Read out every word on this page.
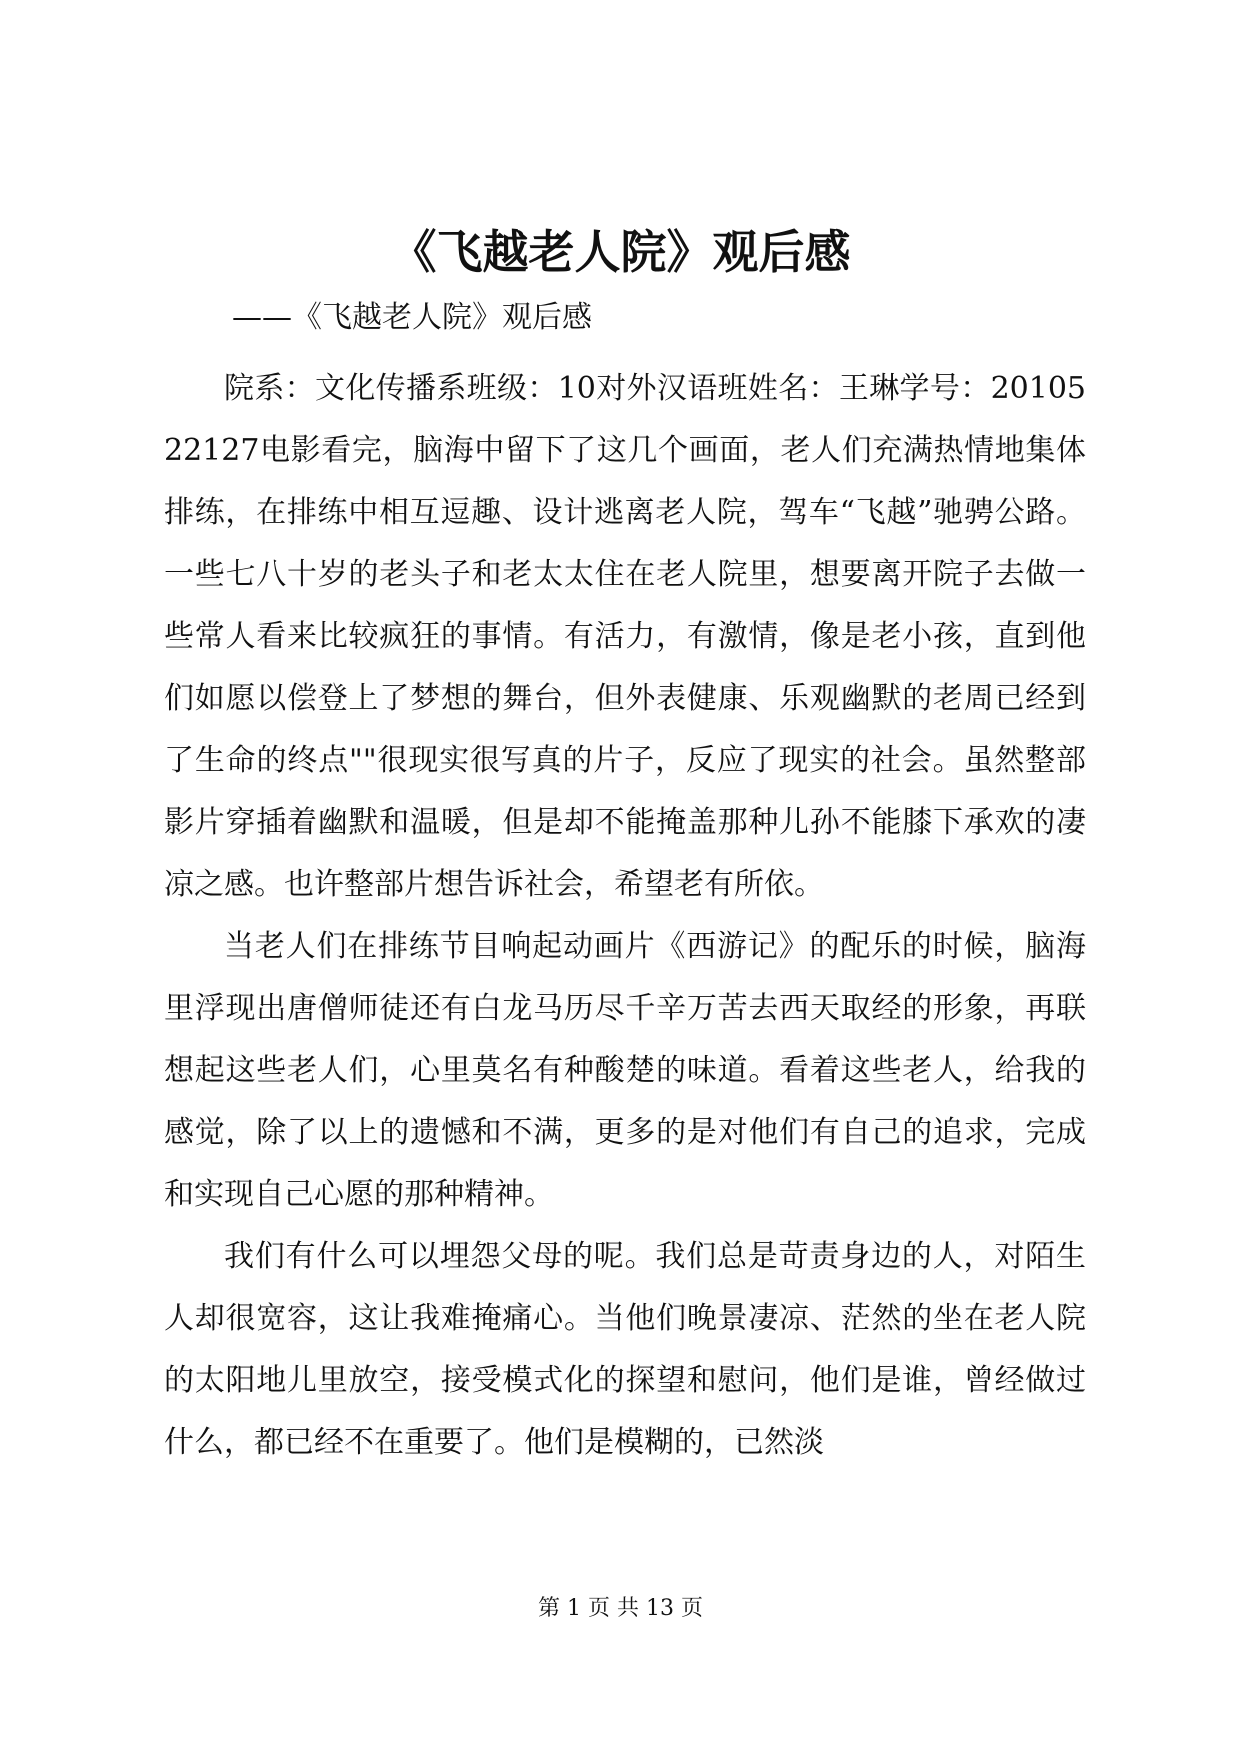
《飞越老人院》观后感

——《飞越老人院》观后感

院系：文化传播系班级：10对外汉语班姓名：王琳学号：2010522127电影看完，脑海中留下了这几个画面，老人们充满热情地集体排练，在排练中相互逗趣、设计逃离老人院，驾车“飞越”驰骋公路。一些七八十岁的老头子和老太太住在老人院里，想要离开院子去做一些常人看来比较疯狂的事情。有活力，有激情，像是老小孩，直到他们如愿以偿登上了梦想的舞台，但外表健康、乐观幽默的老周已经到了生命的终点""很现实很写真的片子，反应了现实的社会。虽然整部影片穿插着幽默和温暖，但是却不能掩盖那种儿孙不能膝下承欢的凄凉之感。也许整部片想告诉社会，希望老有所依。

当老人们在排练节目响起动画片《西游记》的配乐的时候，脑海里浮现出唐僧师徒还有白龙马历尽千辛万苦去西天取经的形象，再联想起这些老人们，心里莫名有种酸楚的味道。看着这些老人，给我的感觉，除了以上的遗憾和不满，更多的是对他们有自己的追求，完成和实现自己心愿的那种精神。

我们有什么可以埋怨父母的呢。我们总是苛责身边的人，对陌生人却很宽容，这让我难掩痛心。当他们晚景凄凉、茫然的坐在老人院的太阳地儿里放空，接受模式化的探望和慰问，他们是谁，曾经做过什么，都已经不在重要了。他们是模糊的，已然淡

第 1 页 共 13 页
